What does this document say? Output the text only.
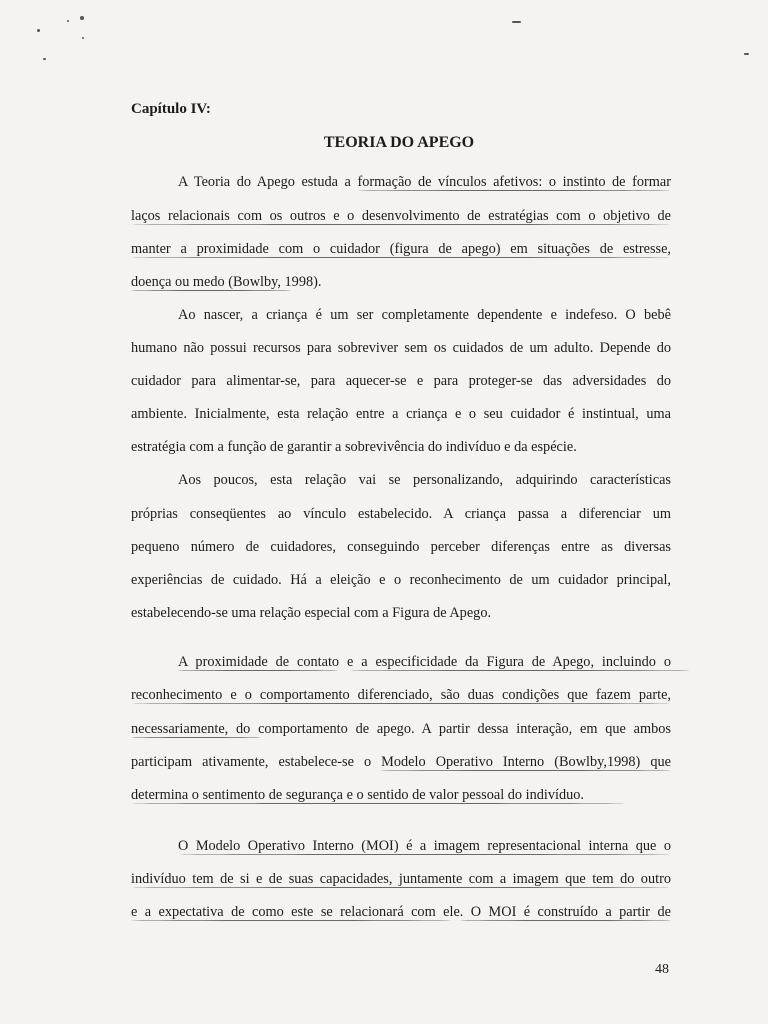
Capítulo IV:
TEORIA DO APEGO
A Teoria do Apego estuda a formação de vínculos afetivos: o instinto de formar
laços relacionais com os outros e o desenvolvimento de estratégias com o objetivo de
manter a proximidade com o cuidador (figura de apego) em situações de estresse,
doença ou medo (Bowlby, 1998).
Ao nascer, a criança é um ser completamente dependente e indefeso. O bebê
humano não possui recursos para sobreviver sem os cuidados de um adulto. Depende do
cuidador para alimentar-se, para aquecer-se e para proteger-se das adversidades do
ambiente. Inicialmente, esta relação entre a criança e o seu cuidador é instintual, uma
estratégia com a função de garantir a sobrevivência do indivíduo e da espécie.
Aos poucos, esta relação vai se personalizando, adquirindo características
próprias conseqüentes ao vínculo estabelecido. A criança passa a diferenciar um
pequeno número de cuidadores, conseguindo perceber diferenças entre as diversas
experiências de cuidado. Há a eleição e o reconhecimento de um cuidador principal,
estabelecendo-se uma relação especial com a Figura de Apego.
A proximidade de contato e a especificidade da Figura de Apego, incluindo o
reconhecimento e o comportamento diferenciado, são duas condições que fazem parte,
necessariamente, do comportamento de apego. A partir dessa interação, em que ambos
participam ativamente, estabelece-se o Modelo Operativo Interno (Bowlby,1998) que
determina o sentimento de segurança e o sentido de valor pessoal do indivíduo.
O Modelo Operativo Interno (MOI) é a imagem representacional interna que o
indivíduo tem de si e de suas capacidades, juntamente com a imagem que tem do outro
e a expectativa de como este se relacionará com ele. O MOI é construído a partir de
48
